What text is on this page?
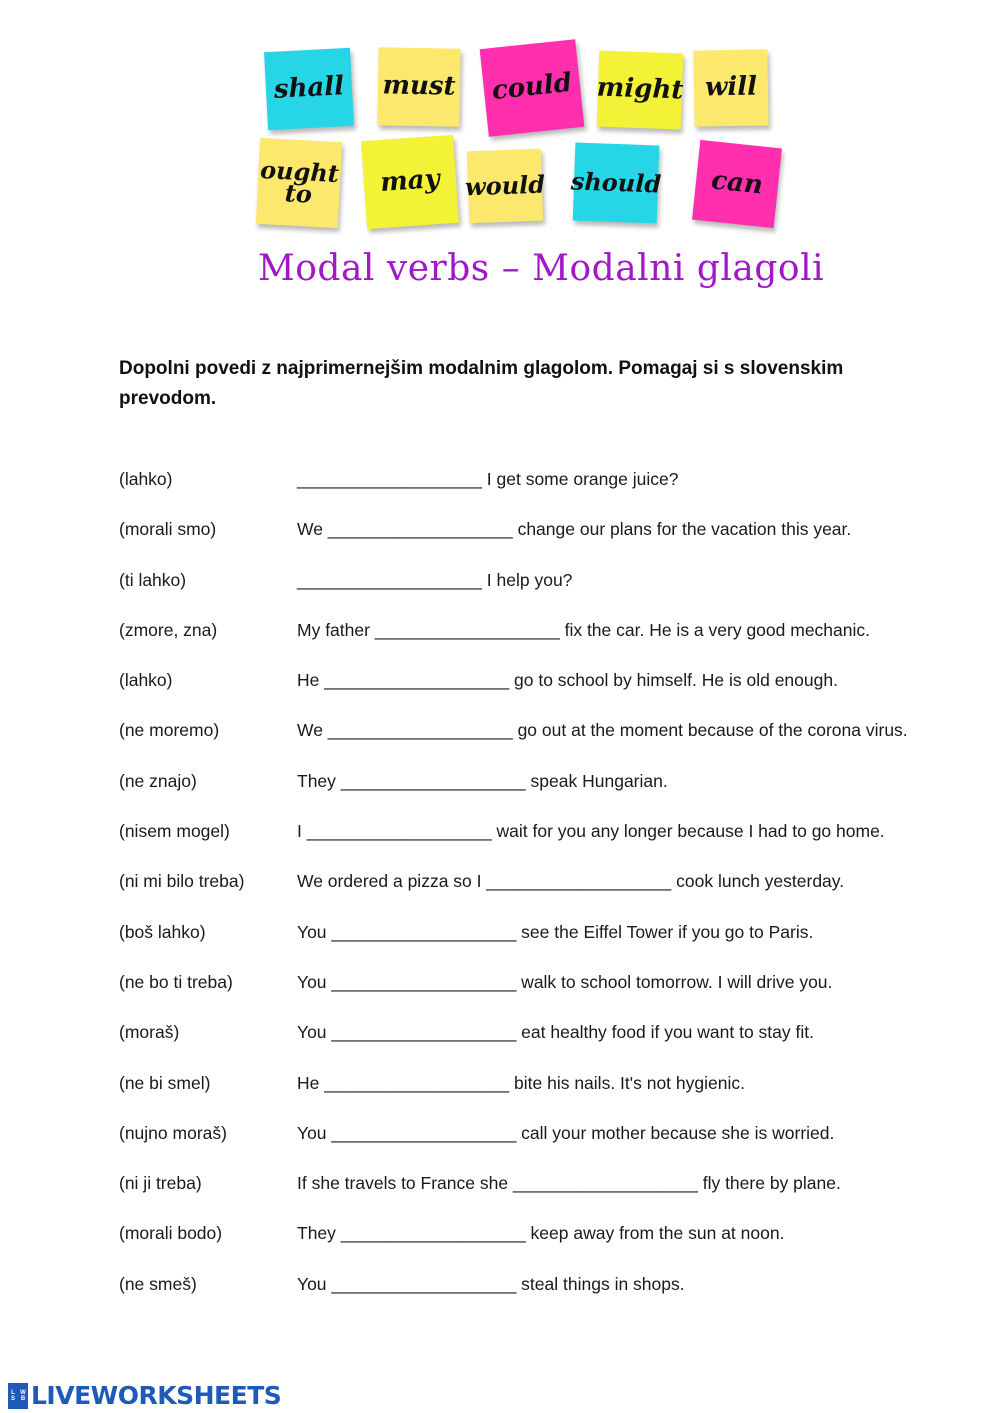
shall must could might will
ought to	may would should can
Modal verbs – Modalni glagoli
Dopolni povedi z najprimernejšim modalnim glagolom. Pomagaj si s slovenskim prevodom.
(lahko)	___________________ I get some orange juice?
(morali smo)	We ___________________ change our plans for the vacation this year.
(ti lahko)	___________________ I help you?
(zmore, zna)	My father ___________________ fix the car. He is a very good mechanic.
(lahko)	He ___________________ go to school by himself. He is old enough.
(ne moremo)	We ___________________ go out at the moment because of the corona virus.
(ne znajo)	They ___________________ speak Hungarian.
(nisem mogel)	I ___________________ wait for you any longer because I had to go home.
(ni mi bilo treba)	We ordered a pizza so I ___________________ cook lunch yesterday.
(boš lahko)	You ___________________ see the Eiffel Tower if you go to Paris.
(ne bo ti treba)	You ___________________ walk to school tomorrow. I will drive you.
(moraš)	You ___________________ eat healthy food if you want to stay fit.
(ne bi smel)	He ___________________ bite his nails. It's not hygienic.
(nujno moraš)	You ___________________ call your mother because she is worried.
(ni ji treba)	If she travels to France she ___________________ fly there by plane.
(morali bodo)	They ___________________ keep away from the sun at noon.
(ne smeš)	You ___________________ steal things in shops.
L W
S B LIVEWORKSHEETS
